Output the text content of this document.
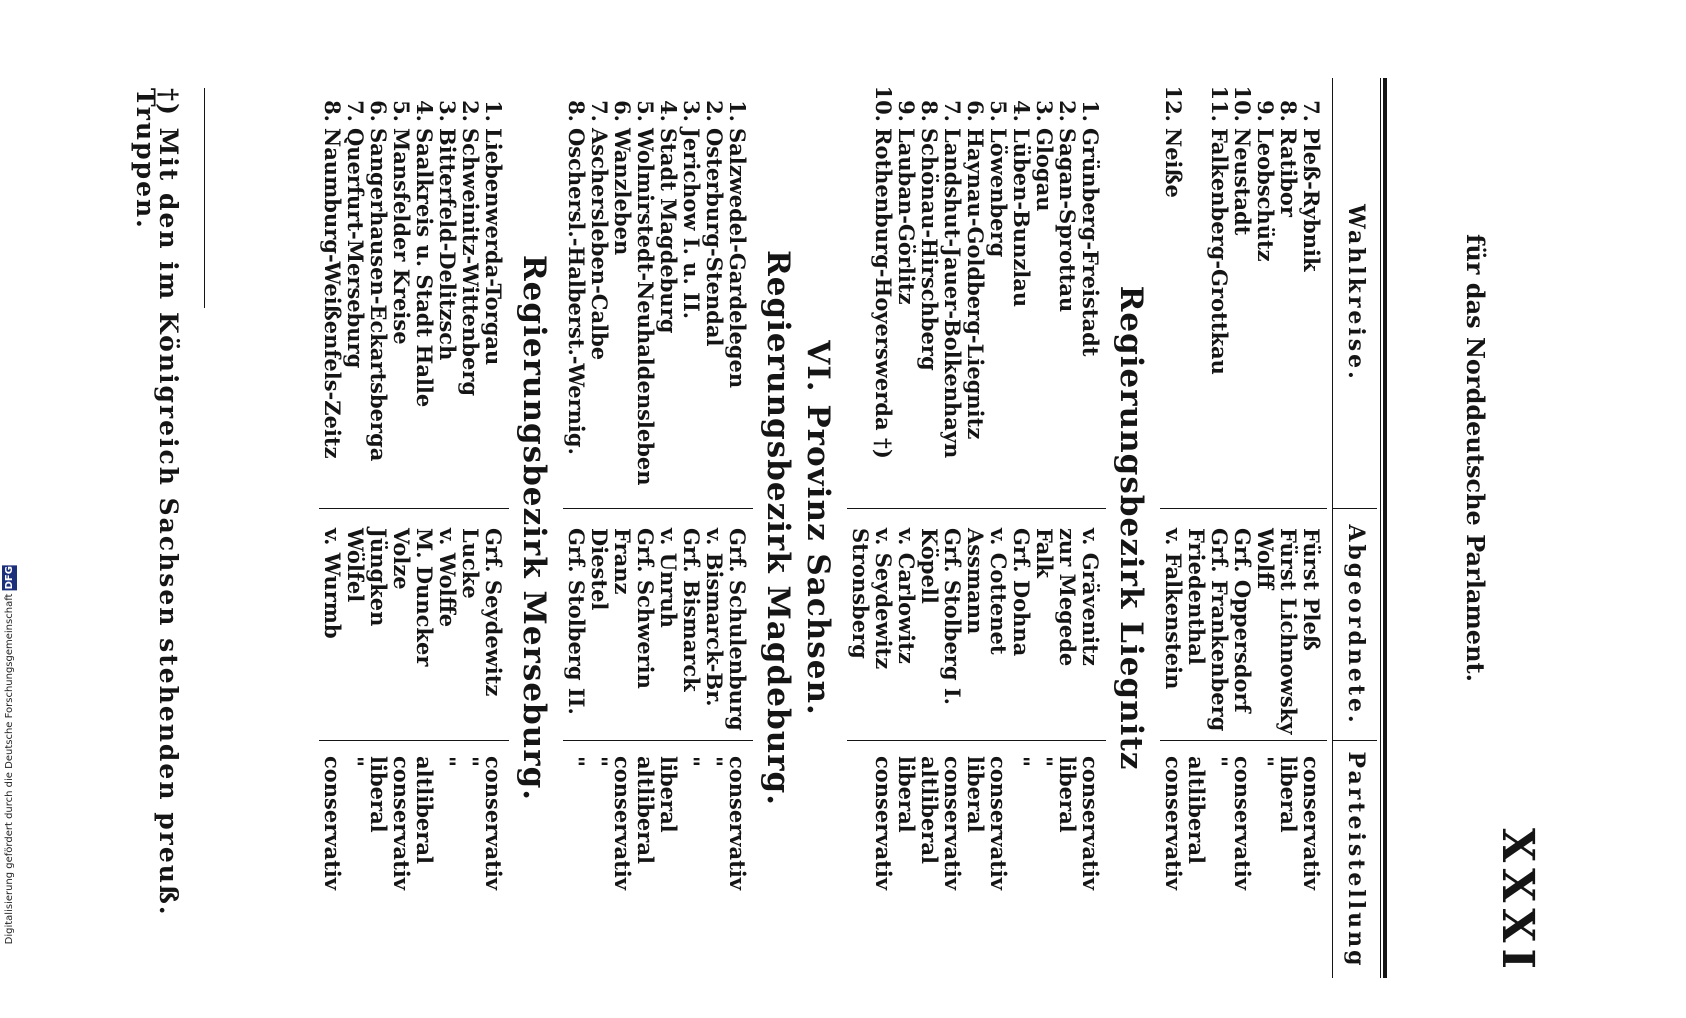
XXXI
für das Norddeutsche Parlament.
Wahlkreise.
Abgeordnete.
Parteistellung
7.
Pleß-Rybnik
Fürst Pleß
conservativ
8.
Ratibor
Fürst Lichnowsky
liberal
9.
Leobschütz
Wolff
"
10.
Neustadt
Grf. Oppersdorf
conservativ
11.
Falkenberg-Grottkau
Grf. Frankenberg
"
Friedenthal
altliberal
12.
Neiße
v. Falkenstein
conservativ
Regierungsbezirk Liegnitz
1.
Grünberg-Freistadt
v. Grävenitz
conservativ
2.
Sagan-Sprottau
zur Megede
liberal
3.
Glogau
Falk
"
4.
Lüben-Bunzlau
Grf. Dohna
"
5.
Löwenberg
v. Cottenet
conservativ
6.
Haynau-Goldberg-Liegnitz
Assmann
liberal
7.
Landshut-Jauer-Bolkenhayn
Grf. Stolberg I.
conservativ
8.
Schönau-Hirschberg
Köpell
altliberal
9.
Lauban-Görlitz
v. Carlowitz
liberal
10.
Rothenburg-Hoyerswerda †)
v. Seydewitz
conservativ
Stronsberg
VI. Provinz Sachsen.
Regierungsbezirk Magdeburg.
1.
Salzwedel-Gardelegen
Grf. Schulenburg
conservativ
2.
Osterburg-Stendal
v. Bismarck-Br.
"
3.
Jerichow I. u. II.
Grf. Bismarck
"
4.
Stadt Magdeburg
v. Unruh
liberal
5.
Wolmirstedt-Neuhaldensleben
Grf. Schwerin
altliberal
6.
Wanzleben
Franz
conservativ
7.
Aschersleben-Calbe
Diestel
"
8.
Oschersl.-Halberst.-Wernig.
Grf. Stolberg II.
"
Regierungsbezirk Merseburg.
1.
Liebenwerda-Torgau
Grf. Seydewitz
conservativ
2.
Schweinitz-Wittenberg
Lucke
"
3.
Bitterfeld-Delitzsch
v. Wolffe
"
4.
Saalkreis u. Stadt Halle
M. Duncker
altliberal
5.
Mansfelder Kreise
Volze
conservativ
6.
Sangerhausen-Eckartsberga
Jüngken
liberal
7.
Querfurt-Merseburg
Wölfel
"
8.
Naumburg-Weißenfels-Zeitz
v. Wurmb
conservativ
†) Mit den im Königreich Sachsen stehenden preuß. Truppen.
Digitalisierung gefördert durch die Deutsche Forschungsgemeinschaft DFG
